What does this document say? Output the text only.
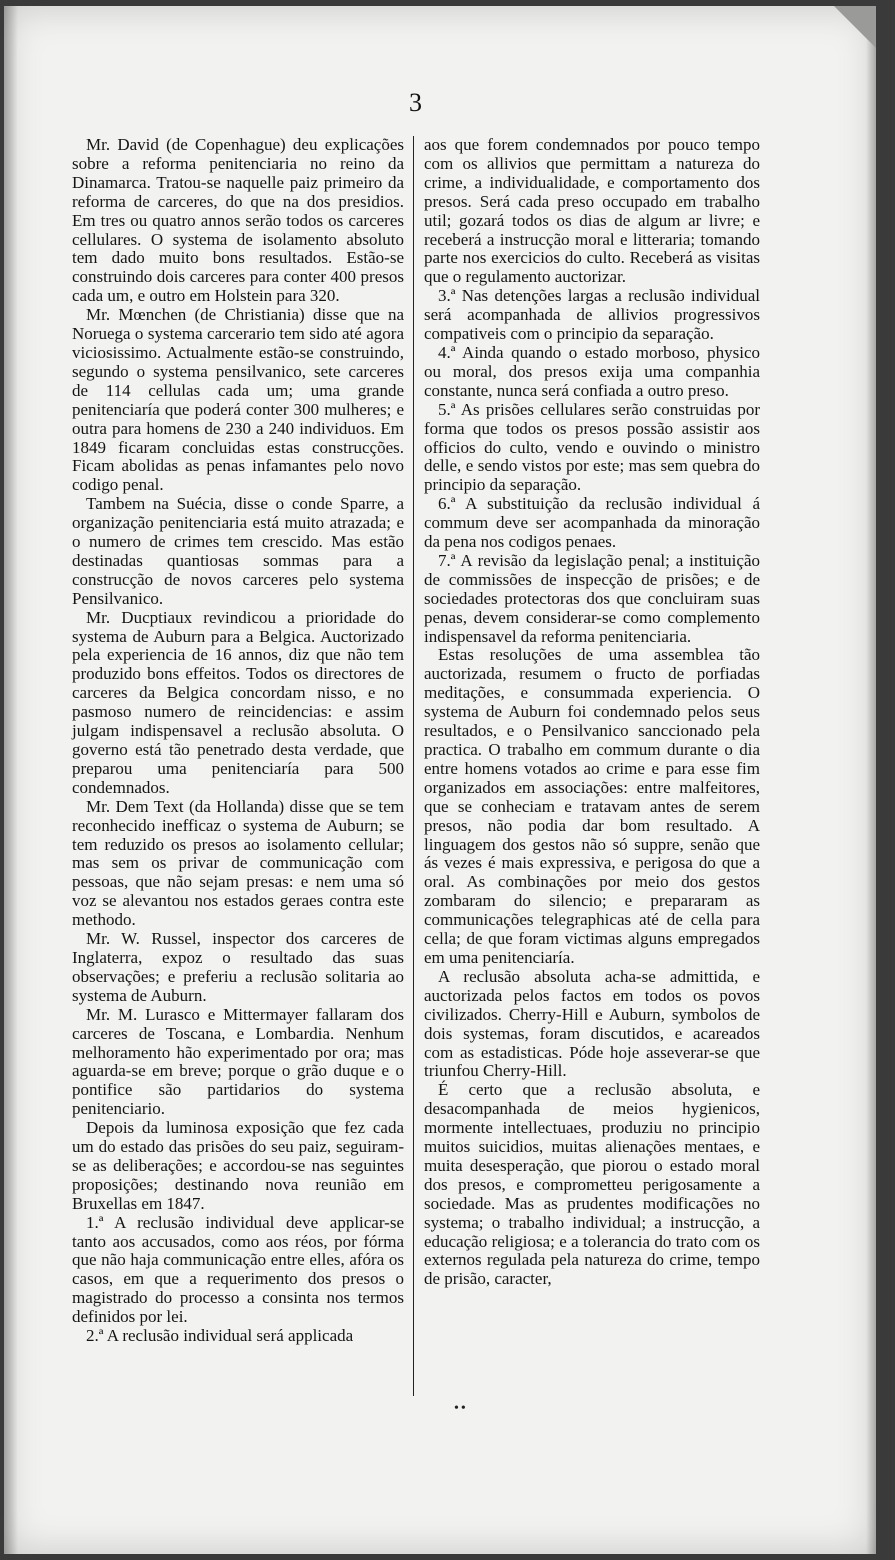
3

Mr. David (de Copenhague) deu explicações sobre a reforma penitenciaria no reino da Dinamarca. Tratou-se naquelle paiz primeiro da reforma de carceres, do que na dos presidios. Em tres ou quatro annos serão todos os carceres cellulares. O systema de isolamento absoluto tem dado muito bons resultados. Estão-se construindo dois carceres para conter 400 presos cada um, e outro em Holstein para 320.

Mr. Mœnchen (de Christiania) disse que na Noruega o systema carcerario tem sido até agora viciosissimo. Actualmente estão-se construindo, segundo o systema pensilvanico, sete carceres de 114 cellulas cada um; uma grande penitenciaría que poderá conter 300 mulheres; e outra para homens de 230 a 240 individuos. Em 1849 ficaram concluidas estas construcções. Ficam abolidas as penas infamantes pelo novo codigo penal.

Tambem na Suécia, disse o conde Sparre, a organização penitenciaria está muito atrazada; e o numero de crimes tem crescido. Mas estão destinadas quantiosas sommas para a construcção de novos carceres pelo systema Pensilvanico.

Mr. Ducptiaux revindicou a prioridade do systema de Auburn para a Belgica. Auctorizado pela experiencia de 16 annos, diz que não tem produzido bons effeitos. Todos os directores de carceres da Belgica concordam nisso, e no pasmoso numero de reincidencias: e assim julgam indispensavel a reclusão absoluta. O governo está tão penetrado desta verdade, que preparou uma penitenciaría para 500 condemnados.

Mr. Dem Text (da Hollanda) disse que se tem reconhecido inefficaz o systema de Auburn; se tem reduzido os presos ao isolamento cellular; mas sem os privar de communicação com pessoas, que não sejam presas: e nem uma só voz se alevantou nos estados geraes contra este methodo.

Mr. W. Russel, inspector dos carceres de Inglaterra, expoz o resultado das suas observações; e preferiu a reclusão solitaria ao systema de Auburn.

Mr. M. Lurasco e Mittermayer fallaram dos carceres de Toscana, e Lombardia. Nenhum melhoramento hão experimentado por ora; mas aguarda-se em breve; porque o grão duque e o pontifice são partidarios do systema penitenciario.

Depois da luminosa exposição que fez cada um do estado das prisões do seu paiz, seguiram-se as deliberações; e accordou-se nas seguintes proposições; destinando nova reunião em Bruxellas em 1847.

1.ª A reclusão individual deve applicar-se tanto aos accusados, como aos réos, por fórma que não haja communicação entre elles, afóra os casos, em que a requerimento dos presos o magistrado do processo a consinta nos termos definidos por lei.

2.ª A reclusão individual será applicada

aos que forem condemnados por pouco tempo com os allivios que permittam a natureza do crime, a individualidade, e comportamento dos presos. Será cada preso occupado em trabalho util; gozará todos os dias de algum ar livre; e receberá a instrucção moral e litteraria; tomando parte nos exercicios do culto. Receberá as visitas que o regulamento auctorizar.

3.ª Nas detenções largas a reclusão individual será acompanhada de allivios progressivos compativeis com o principio da separação.

4.ª Ainda quando o estado morboso, physico ou moral, dos presos exija uma companhia constante, nunca será confiada a outro preso.

5.ª As prisões cellulares serão construidas por forma que todos os presos possão assistir aos officios do culto, vendo e ouvindo o ministro delle, e sendo vistos por este; mas sem quebra do principio da separação.

6.ª A substituição da reclusão individual á commum deve ser acompanhada da minoração da pena nos codigos penaes.

7.ª A revisão da legislação penal; a instituição de commissões de inspecção de prisões; e de sociedades protectoras dos que concluiram suas penas, devem considerar-se como complemento indispensavel da reforma penitenciaria.

Estas resoluções de uma assemblea tão auctorizada, resumem o fructo de porfiadas meditações, e consummada experiencia. O systema de Auburn foi condemnado pelos seus resultados, e o Pensilvanico sanccionado pela practica. O trabalho em commum durante o dia entre homens votados ao crime e para esse fim organizados em associações: entre malfeitores, que se conheciam e tratavam antes de serem presos, não podia dar bom resultado. A linguagem dos gestos não só suppre, senão que ás vezes é mais expressiva, e perigosa do que a oral. As combinações por meio dos gestos zombaram do silencio; e prepararam as communicações telegraphicas até de cella para cella; de que foram victimas alguns empregados em uma penitenciaría.

A reclusão absoluta acha-se admittida, e auctorizada pelos factos em todos os povos civilizados. Cherry-Hill e Auburn, symbolos de dois systemas, foram discutidos, e acareados com as estadisticas. Póde hoje asseverar-se que triunfou Cherry-Hill.

É certo que a reclusão absoluta, e desacompanhada de meios hygienicos, mormente intellectuaes, produziu no principio muitos suicidios, muitas alienações mentaes, e muita desesperação, que piorou o estado moral dos presos, e comprometteu perigosamente a sociedade. Mas as prudentes modificações no systema; o trabalho individual; a instrucção, a educação religiosa; e a tolerancia do trato com os externos regulada pela natureza do crime, tempo de prisão, caracter,

••
